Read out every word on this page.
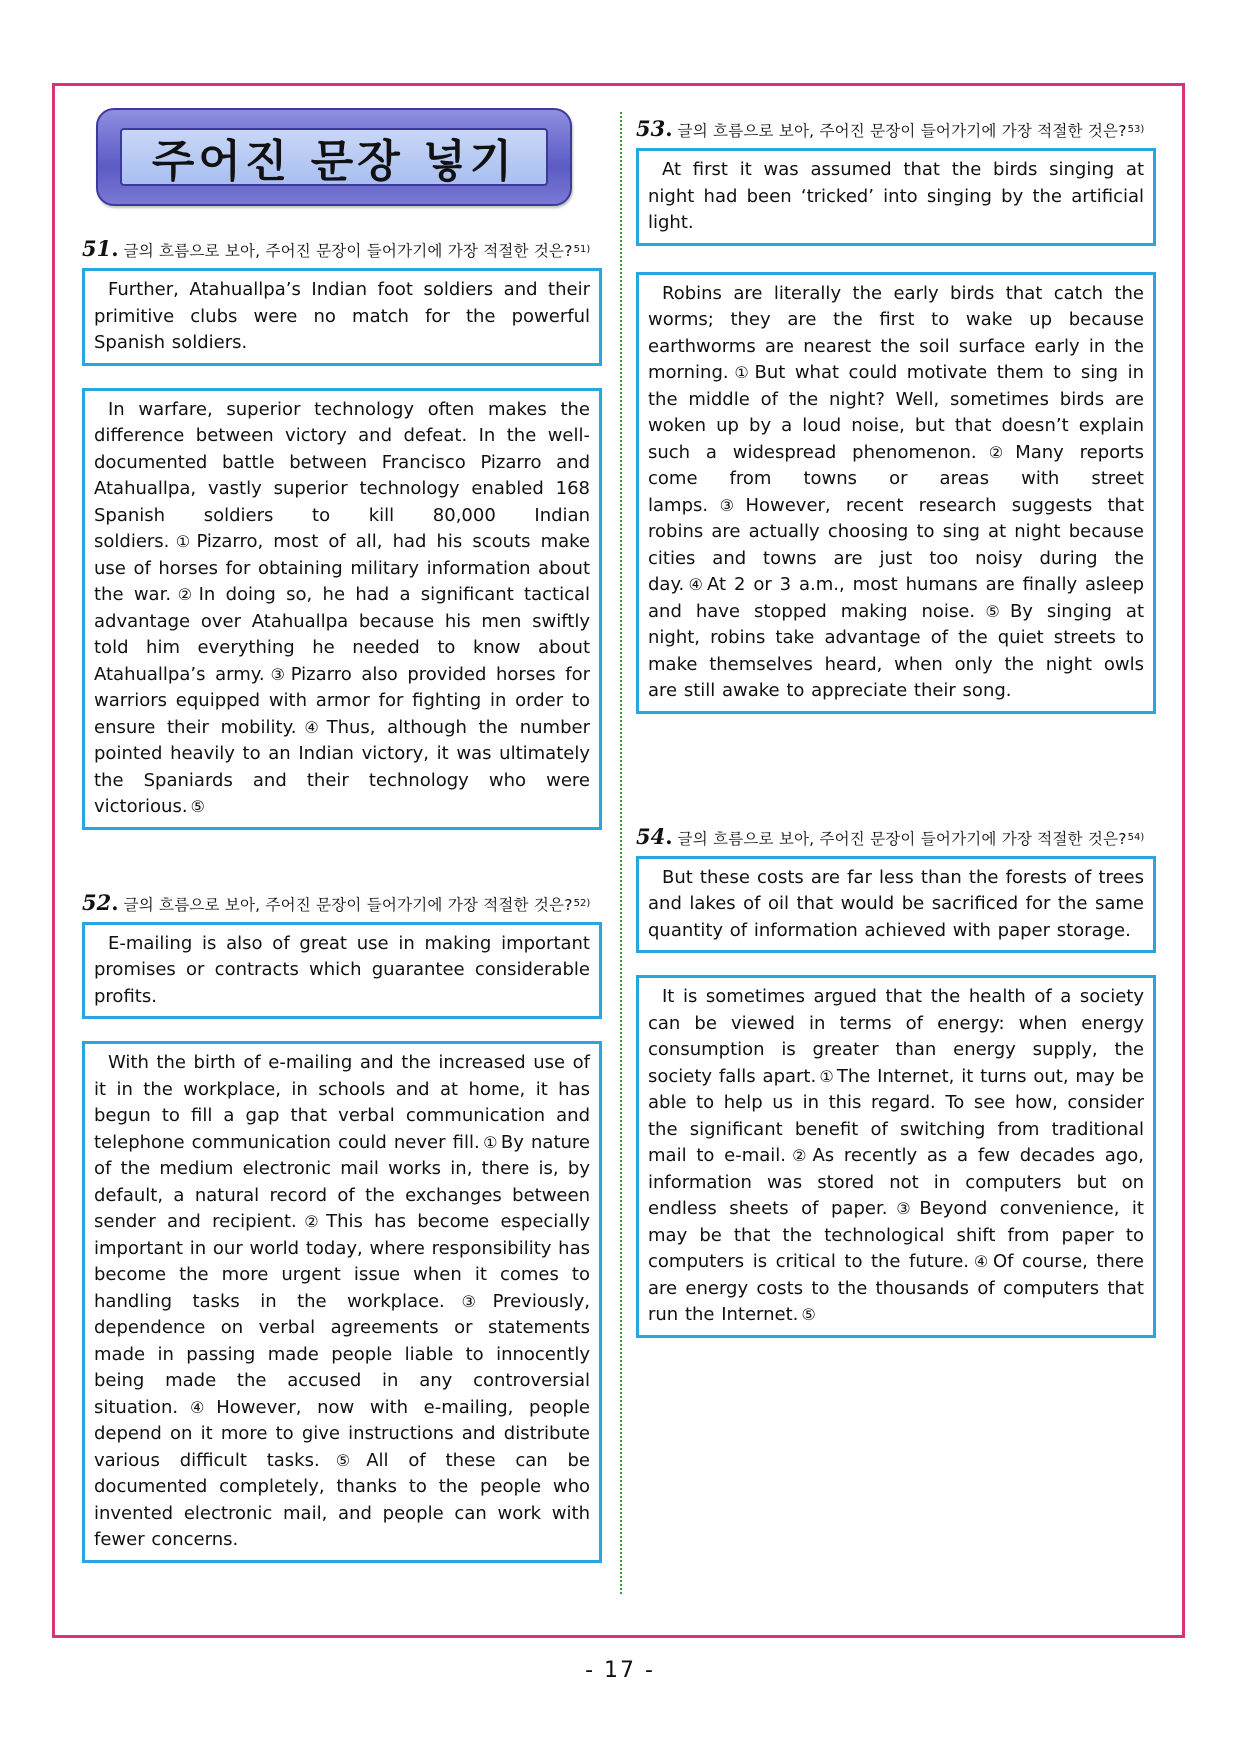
주어진 문장 넣기
51. 글의 흐름으로 보아, 주어진 문장이 들어가기에 가장 적절한 것은? 51)
Further, Atahuallpa’s Indian foot soldiers and their primitive clubs were no match for the powerful Spanish soldiers.
In warfare, superior technology often makes the difference between victory and defeat. In the well-documented battle between Francisco Pizarro and Atahuallpa, vastly superior technology enabled 168 Spanish soldiers to kill 80,000 Indian soldiers. ① Pizarro, most of all, had his scouts make use of horses for obtaining military information about the war. ② In doing so, he had a significant tactical advantage over Atahuallpa because his men swiftly told him everything he needed to know about Atahuallpa’s army. ③ Pizarro also provided horses for warriors equipped with armor for fighting in order to ensure their mobility. ④ Thus, although the number pointed heavily to an Indian victory, it was ultimately the Spaniards and their technology who were victorious. ⑤
52. 글의 흐름으로 보아, 주어진 문장이 들어가기에 가장 적절한 것은? 52)
E-mailing is also of great use in making important promises or contracts which guarantee considerable profits.
With the birth of e-mailing and the increased use of it in the workplace, in schools and at home, it has begun to fill a gap that verbal communication and telephone communication could never fill. ① By nature of the medium electronic mail works in, there is, by default, a natural record of the exchanges between sender and recipient. ② This has become especially important in our world today, where responsibility has become the more urgent issue when it comes to handling tasks in the workplace. ③ Previously, dependence on verbal agreements or statements made in passing made people liable to innocently being made the accused in any controversial situation. ④ However, now with e-mailing, people depend on it more to give instructions and distribute various difficult tasks. ⑤ All of these can be documented completely, thanks to the people who invented electronic mail, and people can work with fewer concerns.
53. 글의 흐름으로 보아, 주어진 문장이 들어가기에 가장 적절한 것은? 53)
At first it was assumed that the birds singing at night had been ‘tricked’ into singing by the artificial light.
Robins are literally the early birds that catch the worms; they are the first to wake up because earthworms are nearest the soil surface early in the morning. ① But what could motivate them to sing in the middle of the night? Well, sometimes birds are woken up by a loud noise, but that doesn’t explain such a widespread phenomenon. ② Many reports come from towns or areas with street lamps. ③ However, recent research suggests that robins are actually choosing to sing at night because cities and towns are just too noisy during the day. ④ At 2 or 3 a.m., most humans are finally asleep and have stopped making noise. ⑤ By singing at night, robins take advantage of the quiet streets to make themselves heard, when only the night owls are still awake to appreciate their song.
54. 글의 흐름으로 보아, 주어진 문장이 들어가기에 가장 적절한 것은? 54)
But these costs are far less than the forests of trees and lakes of oil that would be sacrificed for the same quantity of information achieved with paper storage.
It is sometimes argued that the health of a society can be viewed in terms of energy: when energy consumption is greater than energy supply, the society falls apart. ① The Internet, it turns out, may be able to help us in this regard. To see how, consider the significant benefit of switching from traditional mail to e-mail. ② As recently as a few decades ago, information was stored not in computers but on endless sheets of paper. ③ Beyond convenience, it may be that the technological shift from paper to computers is critical to the future. ④ Of course, there are energy costs to the thousands of computers that run the Internet. ⑤
- 17 -
